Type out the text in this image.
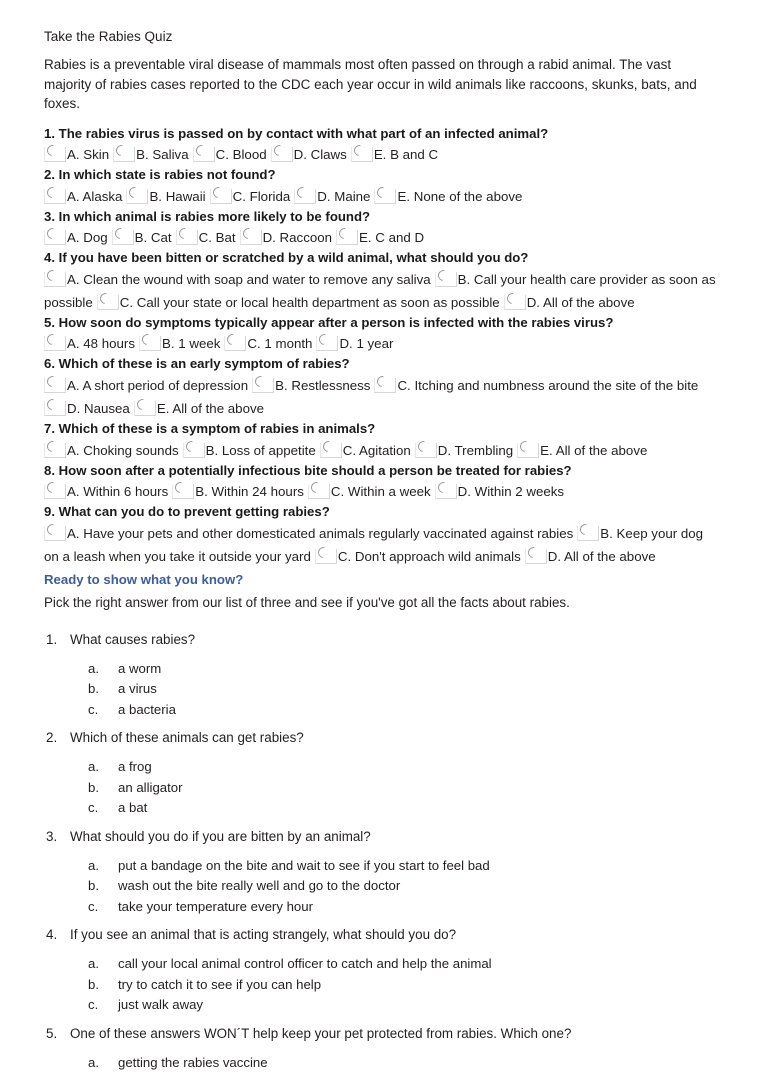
Take the Rabies Quiz

Rabies is a preventable viral disease of mammals most often passed on through a rabid animal. The vast majority of rabies cases reported to the CDC each year occur in wild animals like raccoons, skunks, bats, and foxes.

1. The rabies virus is passed on by contact with what part of an infected animal?
A. Skin B. Saliva C. Blood D. Claws E. B and C
2. In which state is rabies not found?
A. Alaska B. Hawaii C. Florida D. Maine E. None of the above
3. In which animal is rabies more likely to be found?
A. Dog B. Cat C. Bat D. Raccoon E. C and D
4. If you have been bitten or scratched by a wild animal, what should you do?
A. Clean the wound with soap and water to remove any saliva B. Call your health care provider as soon as possible C. Call your state or local health department as soon as possible D. All of the above
5. How soon do symptoms typically appear after a person is infected with the rabies virus?
A. 48 hours B. 1 week C. 1 month D. 1 year
6. Which of these is an early symptom of rabies?
A. A short period of depression B. Restlessness C. Itching and numbness around the site of the biteD. Nausea E. All of the above
7. Which of these is a symptom of rabies in animals?
A. Choking sounds B. Loss of appetite C. Agitation D. Trembling E. All of the above
8. How soon after a potentially infectious bite should a person be treated for rabies?
A. Within 6 hours B. Within 24 hours C. Within a week D. Within 2 weeks
9. What can you do to prevent getting rabies?
A. Have your pets and other domesticated animals regularly vaccinated against rabies B. Keep your dog on a leash when you take it outside your yard C. Don't approach wild animals D. All of the above
Ready to show what you know?

Pick the right answer from our list of three and see if you've got all the facts about rabies.

1. What causes rabies?
a.	a worm
b.	a virus
c.	a bacteria
2. Which of these animals can get rabies?
a.	a frog
b.	an alligator
c.	a bat
3. What should you do if you are bitten by an animal?
a.	put a bandage on the bite and wait to see if you start to feel bad
b.	wash out the bite really well and go to the doctor
c.	take your temperature every hour
4. If you see an animal that is acting strangely, what should you do?
a.	call your local animal control officer to catch and help the animal
b.	try to catch it to see if you can help
c.	just walk away
5. One of these answers WON´T help keep your pet protected from rabies. Which one?
a.	getting the rabies vaccine
